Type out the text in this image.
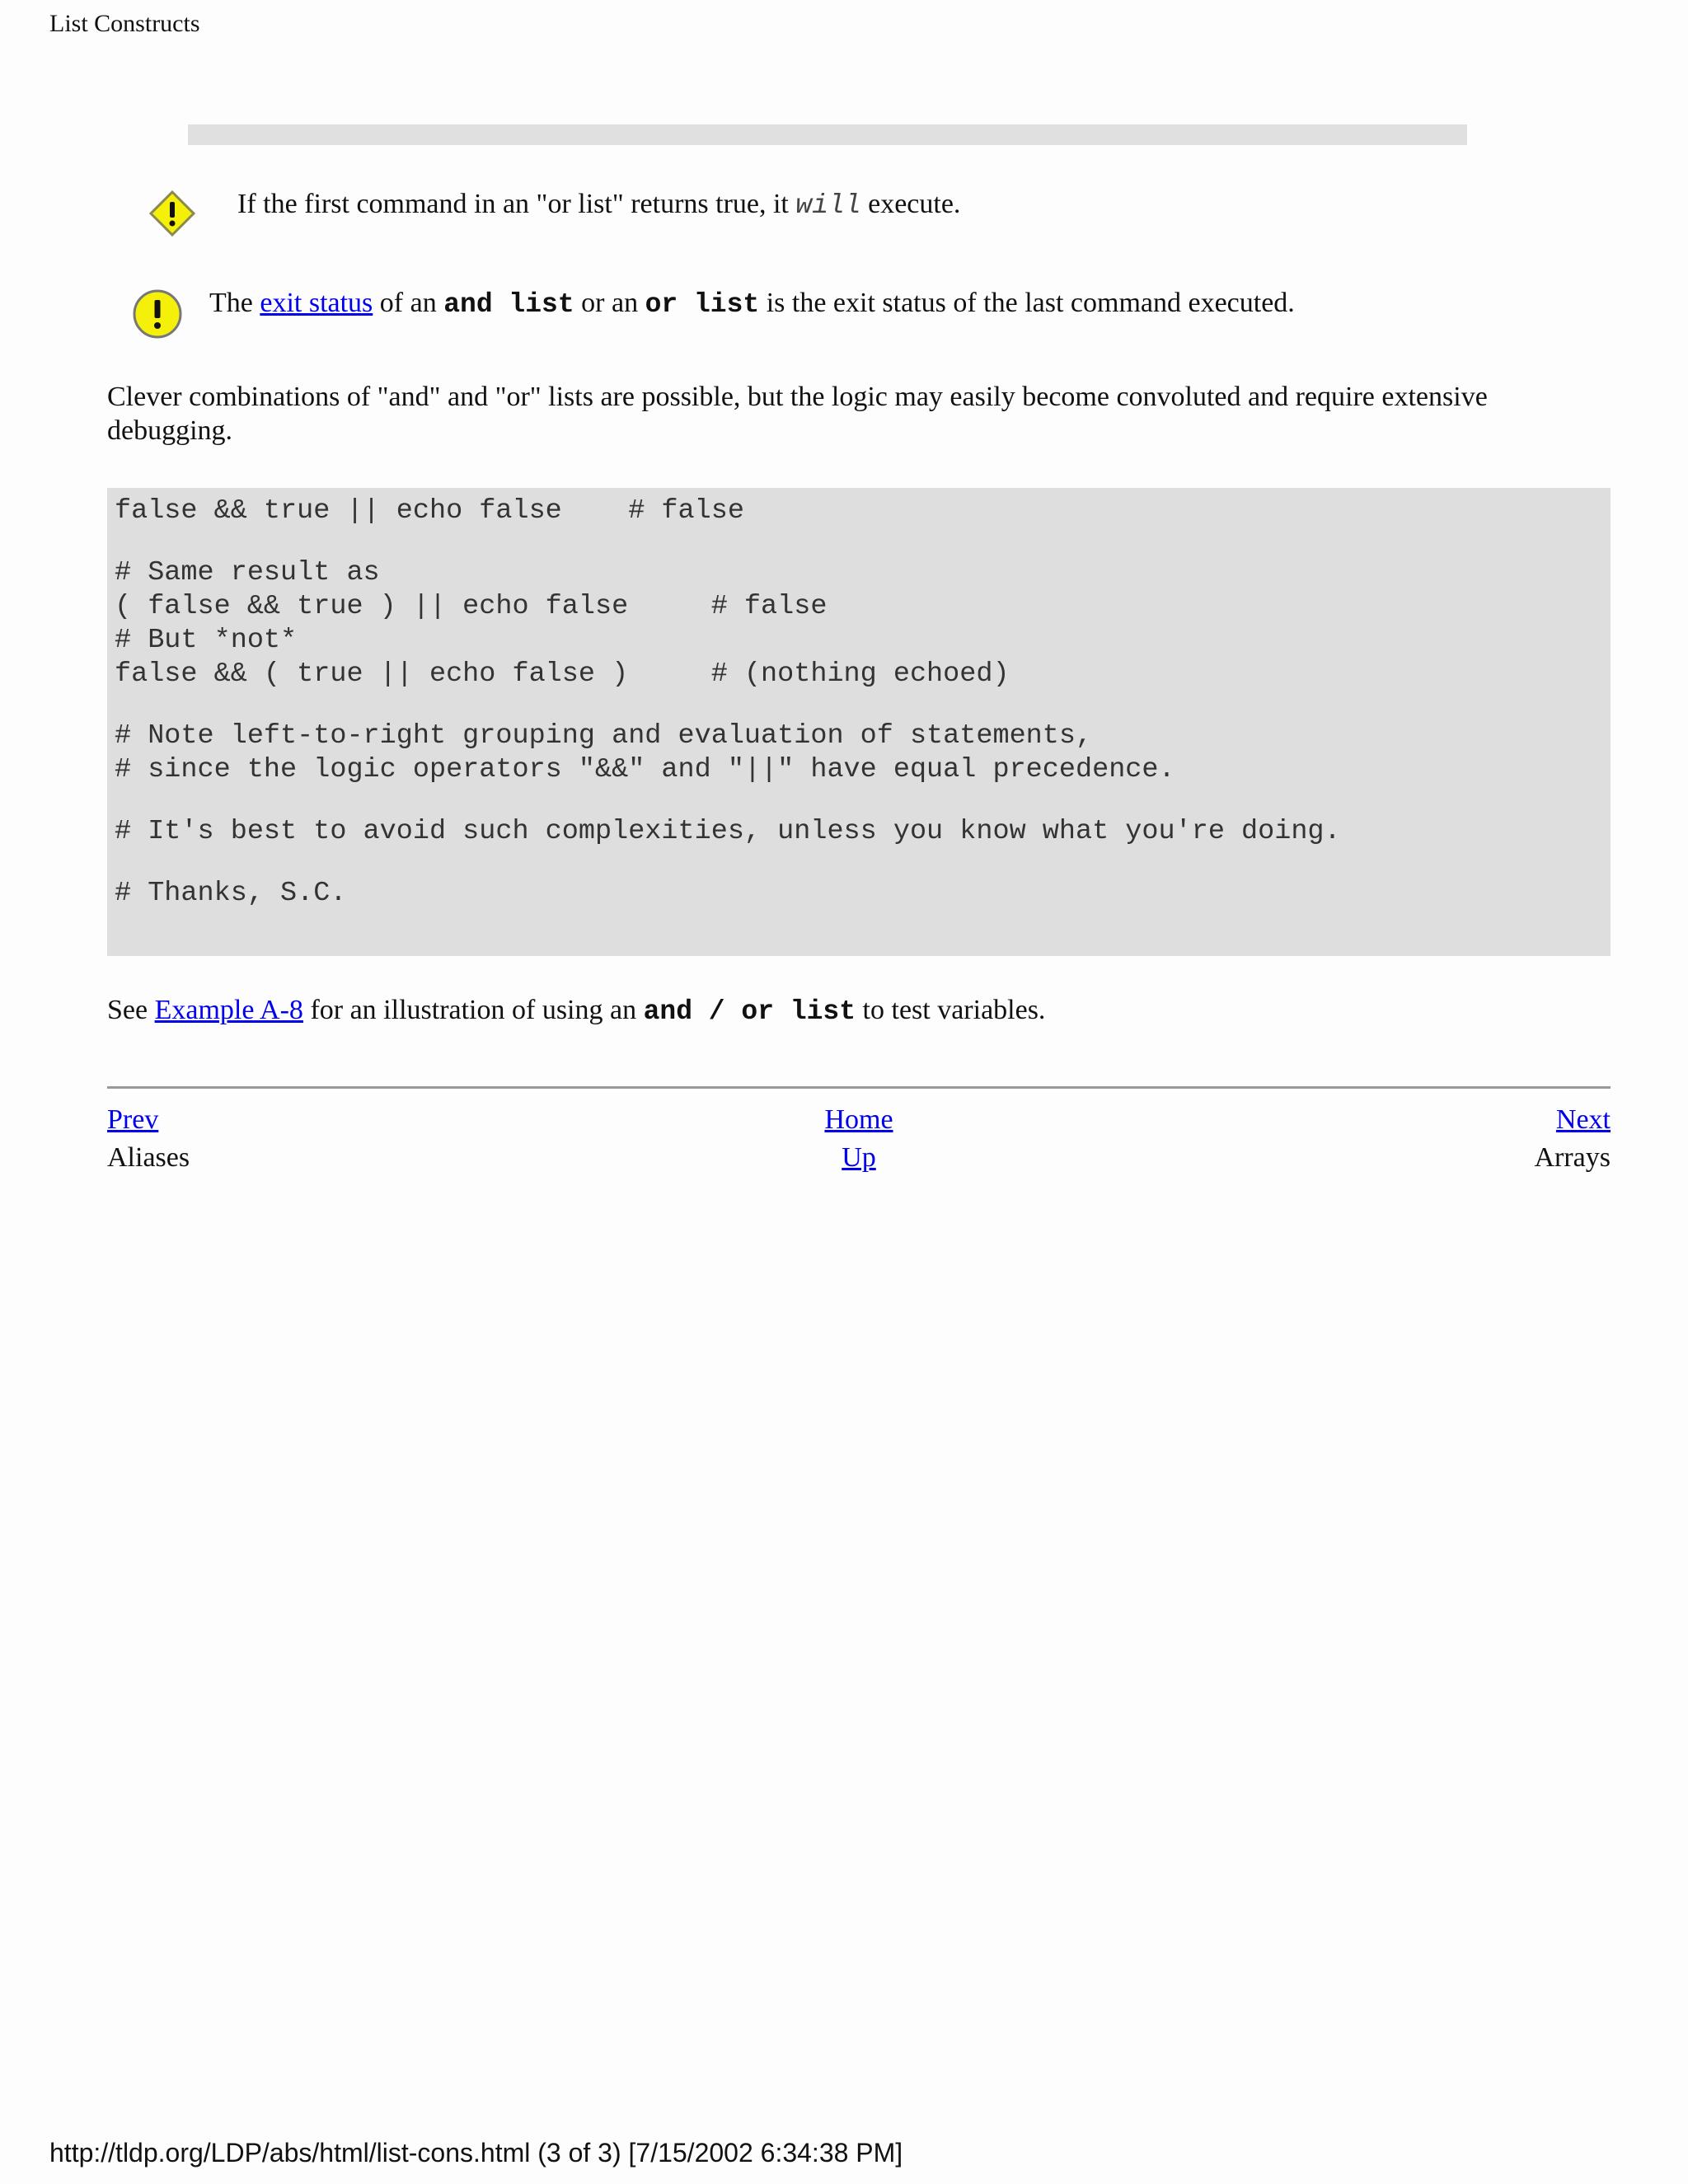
List Constructs
If the first command in an "or list" returns true, it will execute.
The exit status of an and list or an or list is the exit status of the last command executed.
Clever combinations of "and" and "or" lists are possible, but the logic may easily become convoluted and require extensive debugging.
false && true || echo false    # false
# Same result as
( false && true ) || echo false     # false
# But *not*
false && ( true || echo false )     # (nothing echoed)
# Note left-to-right grouping and evaluation of statements,
# since the logic operators "&&" and "||" have equal precedence.
# It's best to avoid such complexities, unless you know what you're doing.
# Thanks, S.C.
See Example A-8 for an illustration of using an and / or list to test variables.
Prev
Aliases
Home
Up
Next
Arrays
http://tldp.org/LDP/abs/html/list-cons.html (3 of 3) [7/15/2002 6:34:38 PM]
